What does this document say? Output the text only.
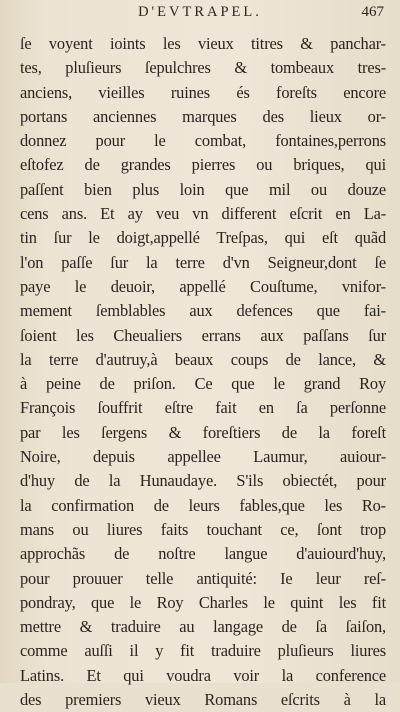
D'EVTRAPEL.	467
ſe voyent ioints les vieux titres & panchar-
tes, pluſieurs ſepulchres & tombeaux tres-
anciens, vieilles ruines és foreſts encore
portans anciennes marques des lieux or-
donnez pour le combat, fontaines,perrons
eſtofez de grandes pierres ou briques, qui
paſſent bien plus loin que mil ou douze
cens ans. Et ay veu vn different eſcrit en La-
tin ſur le doigt,appellé Treſpas, qui eſt quãd
l'on paſſe ſur la terre d'vn Seigneur,dont ſe
paye le deuoir, appellé Couſtume, vnifor-
mement ſemblables aux defences que fai-
ſoient les Cheualiers errans aux paſſans ſur
la terre d'autruy,à beaux coups de lance, &
à peine de priſon. Ce que le grand Roy
François ſouffrit eſtre fait en ſa perſonne
par les ſergens & foreſtiers de la foreſt
Noire, depuis appellee Laumur, auiour-
d'huy de la Hunaudaye. S'ils obiectét, pour
la confirmation de leurs fables,que les Ro-
mans ou liures faits touchant ce, ſont trop
approchãs de noſtre langue d'auiourd'huy,
pour prouuer telle antiquité: Ie leur reſ-
pondray, que le Roy Charles le quint les fit
mettre & traduire au langage de ſa ſaiſon,
comme auſſi il y fit traduire pluſieurs liures
Latins. Et qui voudra voir la conference
des premiers vieux Romans eſcrits à la
